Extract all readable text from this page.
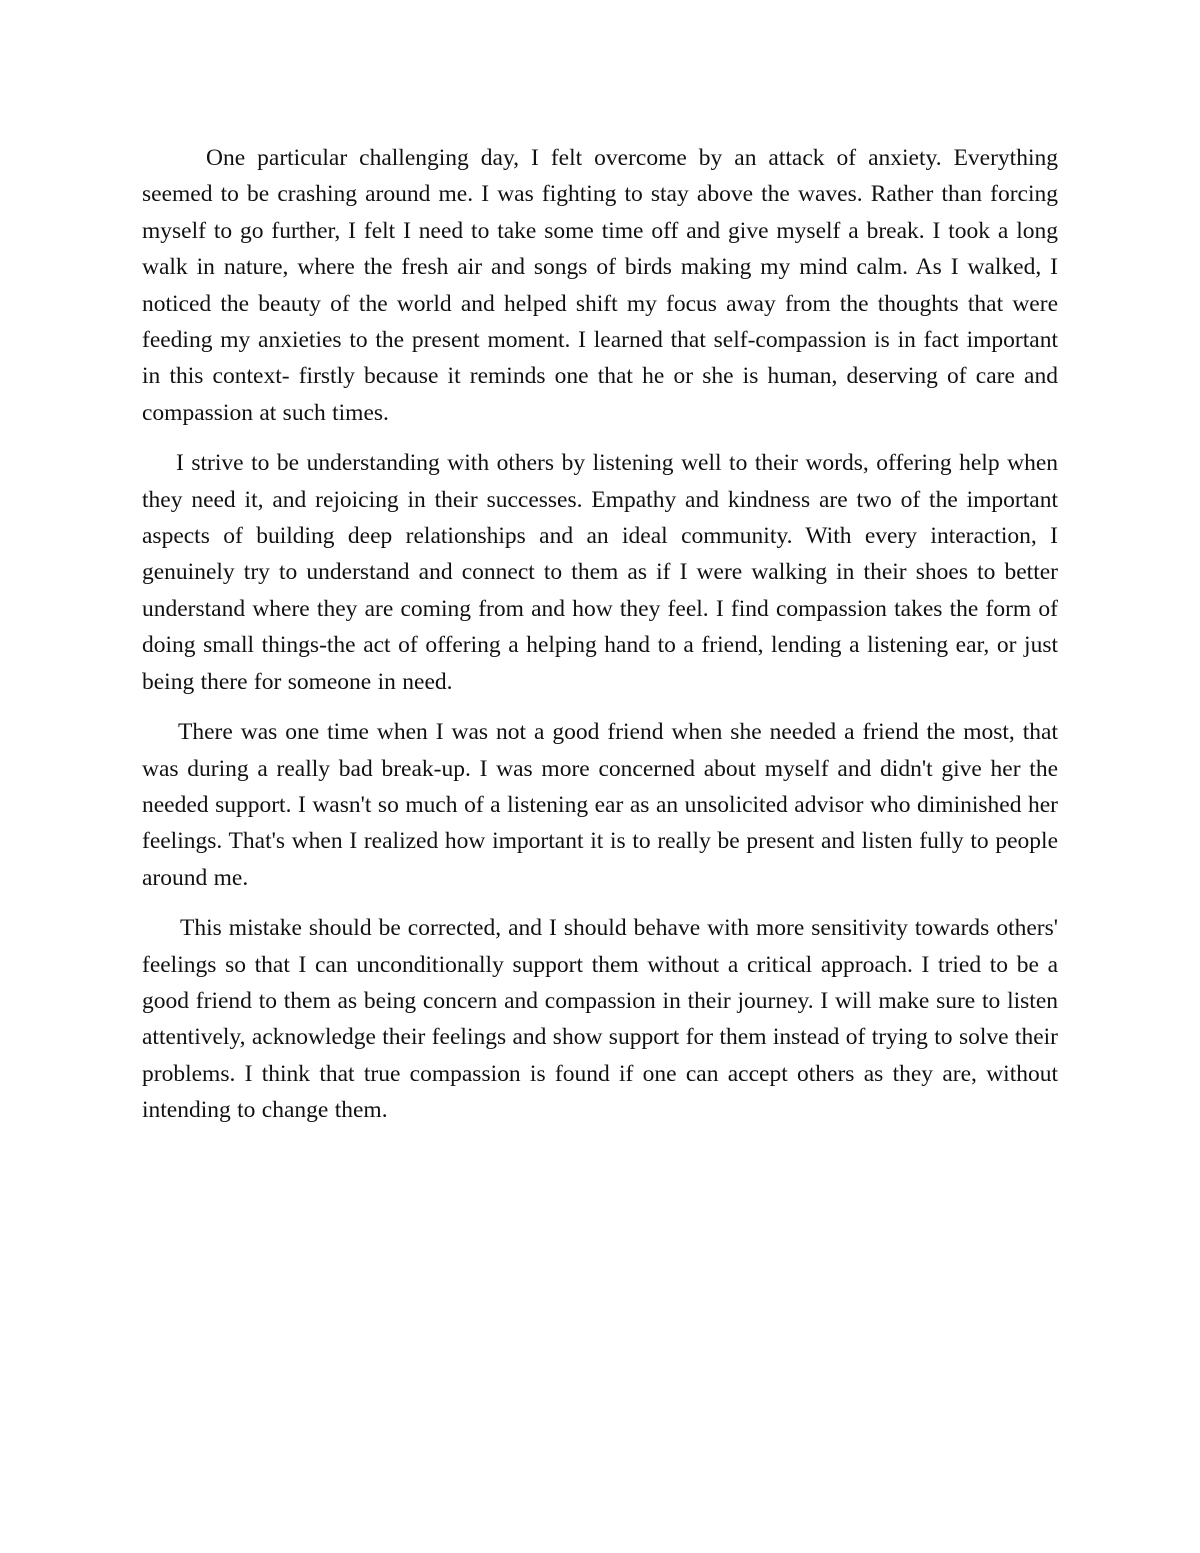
One particular challenging day, I felt overcome by an attack of anxiety. Everything seemed to be crashing around me. I was fighting to stay above the waves. Rather than forcing myself to go further, I felt I need to take some time off and give myself a break. I took a long walk in nature, where the fresh air and songs of birds making my mind calm. As I walked, I noticed the beauty of the world and helped shift my focus away from the thoughts that were feeding my anxieties to the present moment. I learned that self-compassion is in fact important in this context- firstly because it reminds one that he or she is human, deserving of care and compassion at such times.

I strive to be understanding with others by listening well to their words, offering help when they need it, and rejoicing in their successes. Empathy and kindness are two of the important aspects of building deep relationships and an ideal community. With every interaction, I genuinely try to understand and connect to them as if I were walking in their shoes to better understand where they are coming from and how they feel. I find compassion takes the form of doing small things-the act of offering a helping hand to a friend, lending a listening ear, or just being there for someone in need.

There was one time when I was not a good friend when she needed a friend the most, that was during a really bad break-up. I was more concerned about myself and didn't give her the needed support. I wasn't so much of a listening ear as an unsolicited advisor who diminished her feelings. That's when I realized how important it is to really be present and listen fully to people around me.

This mistake should be corrected, and I should behave with more sensitivity towards others' feelings so that I can unconditionally support them without a critical approach. I tried to be a good friend to them as being concern and compassion in their journey. I will make sure to listen attentively, acknowledge their feelings and show support for them instead of trying to solve their problems. I think that true compassion is found if one can accept others as they are, without intending to change them.
